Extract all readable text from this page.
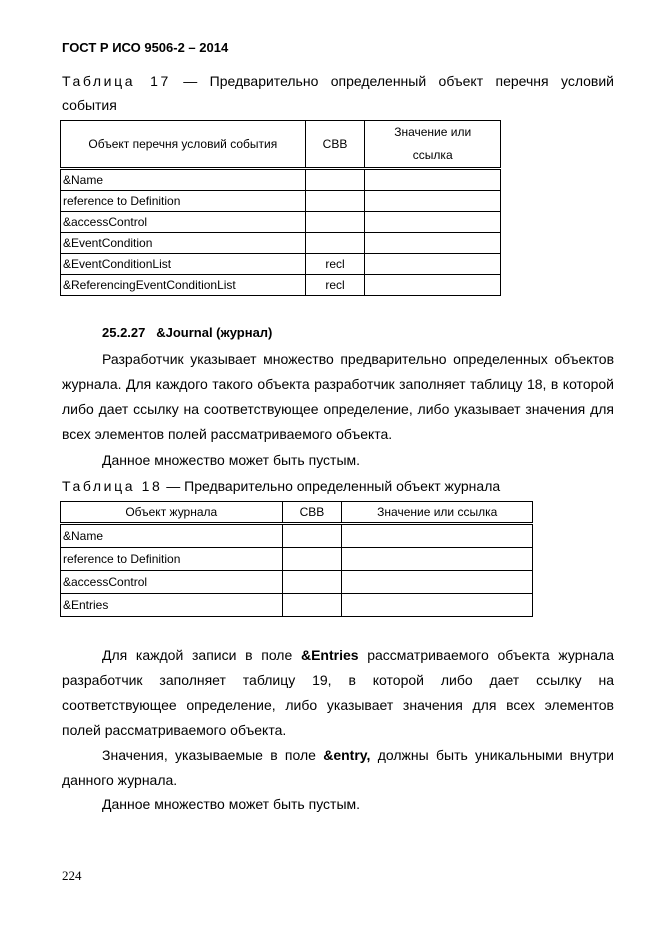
ГОСТ Р ИСО 9506-2 – 2014
Таблица 17 — Предварительно определенный объект перечня условий
события
Объект перечня условий события	СВВ	Значение или
ссылка
&Name		
reference to Definition		
&accessControl		
&EventCondition		
&EventConditionList	recl	
&ReferencingEventConditionList	recl	
25.2.27 &Journal (журнал)
Разработчик указывает множество предварительно определенных объектов журнала. Для каждого такого объекта разработчик заполняет таблицу 18, в которой либо дает ссылку на соответствующее определение, либо указывает значения для всех элементов полей рассматриваемого объекта.
Данное множество может быть пустым.
Таблица 18 — Предварительно определенный объект журнала
Объект журнала	СВВ	Значение или ссылка
&Name		
reference to Definition		
&accessControl		
&Entries		
Для каждой записи в поле &Entries рассматриваемого объекта журнала разработчик заполняет таблицу 19, в которой либо дает ссылку на соответствующее определение, либо указывает значения для всех элементов полей рассматриваемого объекта.
Значения, указываемые в поле &entry, должны быть уникальными внутри данного журнала.
Данное множество может быть пустым.
224
